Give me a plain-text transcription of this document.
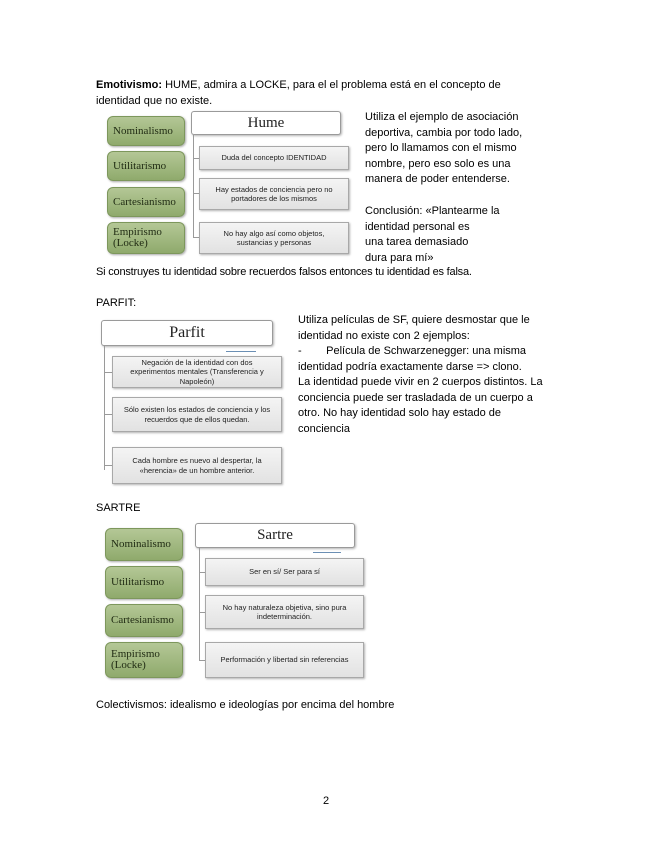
Emotivismo: HUME, admira a LOCKE, para el el problema está en el concepto de
identidad que no existe.
Nominalismo
Utilitarismo
Cartesianismo
Empirismo (Locke)
Hume
Duda del concepto IDENTIDAD
Hay estados de conciencia pero no portadores de los mismos
No hay algo así como objetos, sustancias y personas
Utiliza el ejemplo de asociación
deportiva, cambia por todo lado,
pero lo llamamos con el mismo
nombre, pero eso solo es una
manera de poder entenderse.
Conclusión: «Plantearme la
identidad personal es
una tarea demasiado
dura para mí»
Si construyes tu identidad sobre recuerdos falsos entonces tu identidad es falsa.
PARFIT:
Parfit
Negación de la identidad con dos experimentos mentales (Transferencia y Napoleón)
Sólo existen los estados de conciencia y los recuerdos que de ellos quedan.
Cada hombre es nuevo al despertar, la «herencia» de un hombre anterior.
Utiliza películas de SF, quiere desmostar que le
identidad no existe con 2 ejemplos:
-        Película de Schwarzenegger: una misma
identidad podría exactamente darse => clono.
La identidad puede vivir en 2 cuerpos distintos. La
conciencia puede ser trasladada de un cuerpo a
otro. No hay identidad solo hay estado de
conciencia
SARTRE
Nominalismo
Utilitarismo
Cartesianismo
Empirismo (Locke)
Sartre
Ser en sí/ Ser para sí
No hay naturaleza objetiva, sino pura indeterminación.
Performación y libertad sin referencias
Colectivismos: idealismo e ideologías por encima del hombre
2
